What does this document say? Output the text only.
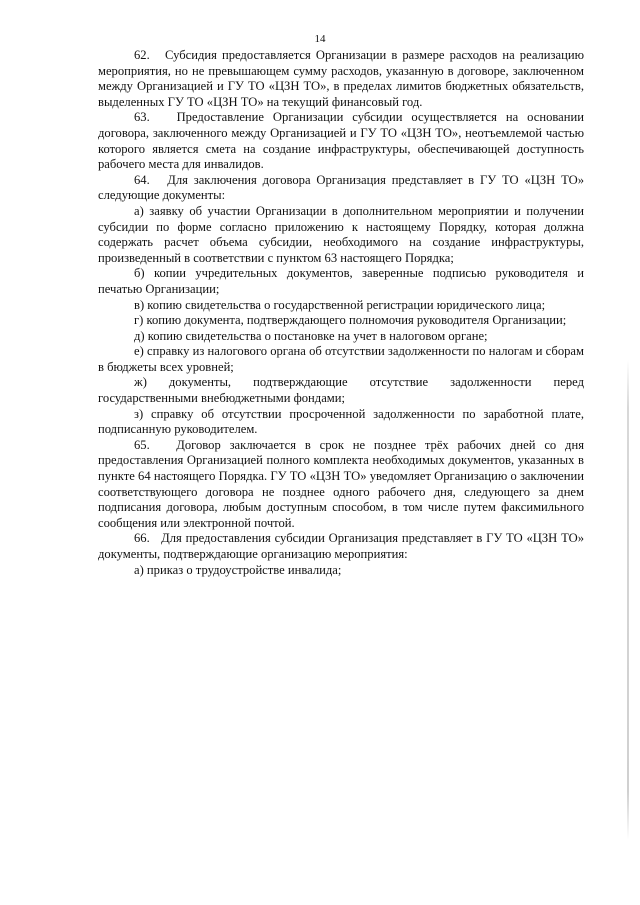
14

62.   Субсидия предоставляется Организации в размере расходов на реализацию мероприятия, но не превышающем сумму расходов, указанную в договоре, заключенном между Организацией и ГУ ТО «ЦЗН ТО», в пределах лимитов бюджетных обязательств, выделенных ГУ ТО «ЦЗН ТО» на текущий финансовый год.

63.   Предоставление Организации субсидии осуществляется на основании договора, заключенного между Организацией и ГУ ТО «ЦЗН ТО», неотъемлемой частью которого является смета на создание инфраструктуры, обеспечивающей доступность рабочего места для инвалидов.

64.   Для заключения договора Организация представляет в ГУ ТО «ЦЗН ТО» следующие документы:

а) заявку об участии Организации в дополнительном мероприятии и получении субсидии по форме согласно приложению к настоящему Порядку, которая должна содержать расчет объема субсидии, необходимого на создание инфраструктуры, произведенный в соответствии с пунктом 63 настоящего Порядка;

б) копии учредительных документов, заверенные подписью руководителя и печатью Организации;

в) копию свидетельства о государственной регистрации юридического лица;

г) копию документа, подтверждающего полномочия руководителя Организации;

д) копию свидетельства о постановке на учет в налоговом органе;

е) справку из налогового органа об отсутствии задолженности по налогам и сборам в бюджеты всех уровней;

ж) документы, подтверждающие отсутствие задолженности перед государственными внебюджетными фондами;

з) справку об отсутствии просроченной задолженности по заработной плате, подписанную руководителем.

65.   Договор заключается в срок не позднее трёх рабочих дней со дня предоставления Организацией полного комплекта необходимых документов, указанных в пункте 64 настоящего Порядка. ГУ ТО «ЦЗН ТО» уведомляет Организацию о заключении соответствующего договора не позднее одного рабочего дня, следующего за днем подписания договора, любым доступным способом, в том числе путем факсимильного сообщения или электронной почтой.

66.   Для предоставления субсидии Организация представляет в ГУ ТО «ЦЗН ТО» документы, подтверждающие организацию мероприятия:

а) приказ о трудоустройстве инвалида;
